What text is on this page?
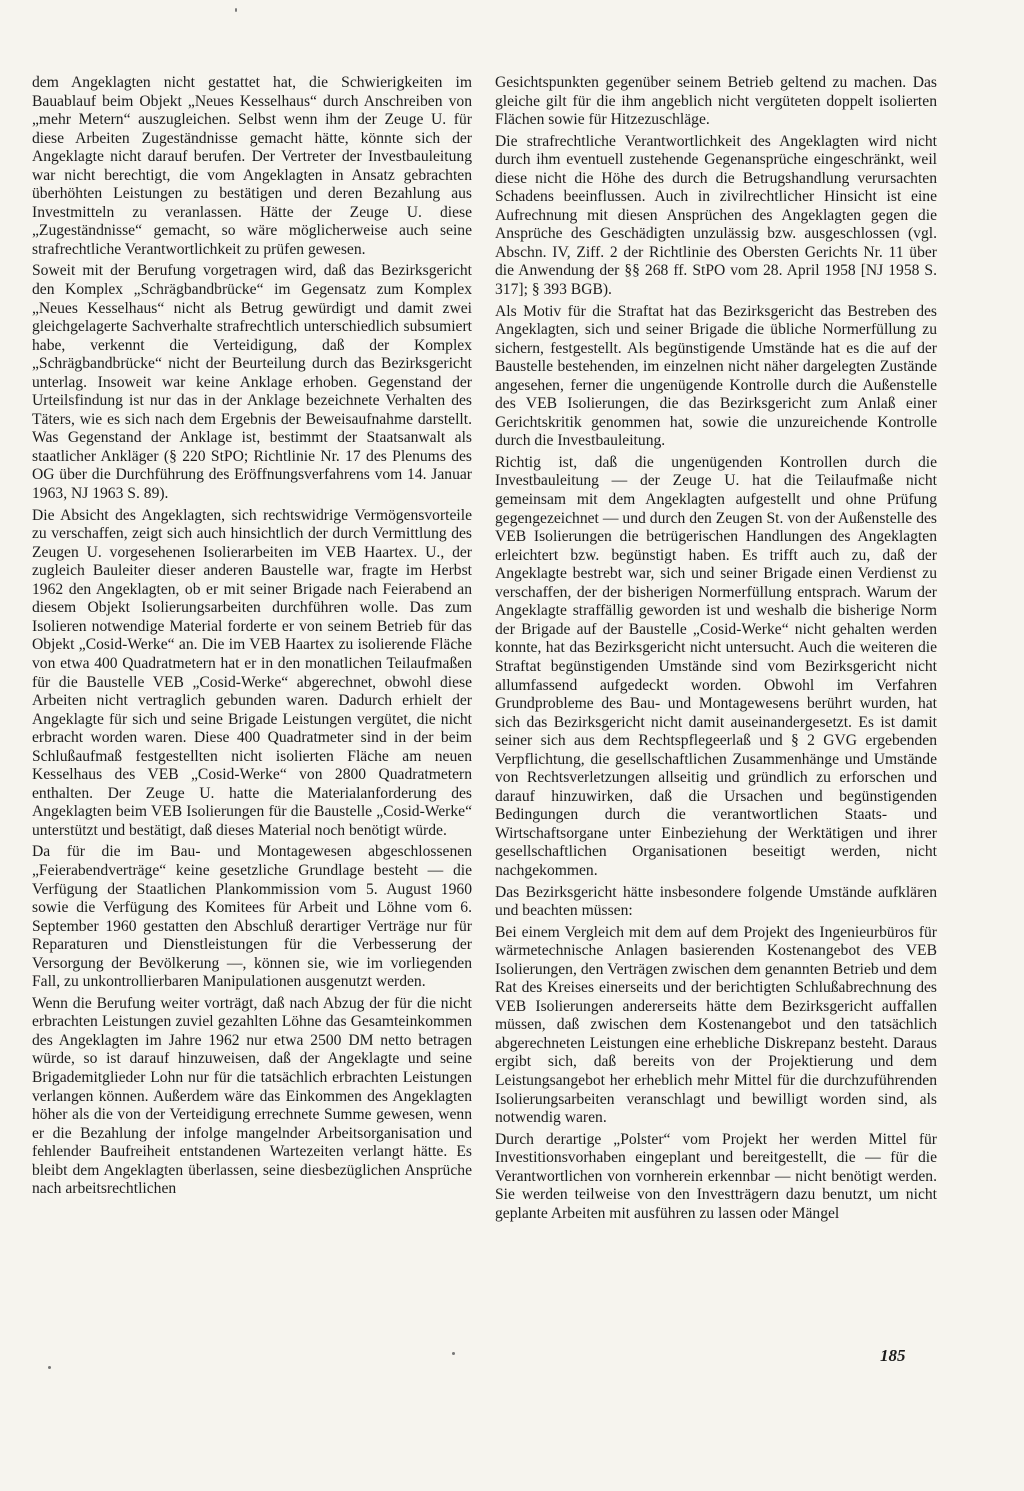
dem Angeklagten nicht gestattet hat, die Schwierigkeiten im Bauablauf beim Objekt „Neues Kesselhaus“ durch Anschreiben von „mehr Metern“ auszugleichen. Selbst wenn ihm der Zeuge U. für diese Arbeiten Zugeständnisse gemacht hätte, könnte sich der Angeklagte nicht darauf berufen. Der Vertreter der Investbauleitung war nicht berechtigt, die vom Angeklagten in Ansatz gebrachten überhöhten Leistungen zu bestätigen und deren Bezahlung aus Investmitteln zu veranlassen. Hätte der Zeuge U. diese „Zugeständnisse“ gemacht, so wäre möglicherweise auch seine strafrechtliche Verantwortlichkeit zu prüfen gewesen.

Soweit mit der Berufung vorgetragen wird, daß das Bezirksgericht den Komplex „Schrägbandbrücke“ im Gegensatz zum Komplex „Neues Kesselhaus“ nicht als Betrug gewürdigt und damit zwei gleichgelagerte Sachverhalte strafrechtlich unterschiedlich subsumiert habe, verkennt die Verteidigung, daß der Komplex „Schrägbandbrücke“ nicht der Beurteilung durch das Bezirksgericht unterlag. Insoweit war keine Anklage erhoben. Gegenstand der Urteilsfindung ist nur das in der Anklage bezeichnete Verhalten des Täters, wie es sich nach dem Ergebnis der Beweisaufnahme darstellt. Was Gegenstand der Anklage ist, bestimmt der Staatsanwalt als staatlicher Ankläger (§ 220 StPO; Richtlinie Nr. 17 des Plenums des OG über die Durchführung des Eröffnungsverfahrens vom 14. Januar 1963, NJ 1963 S. 89).

Die Absicht des Angeklagten, sich rechtswidrige Vermögensvorteile zu verschaffen, zeigt sich auch hinsichtlich der durch Vermittlung des Zeugen U. vorgesehenen Isolierarbeiten im VEB Haartex. U., der zugleich Bauleiter dieser anderen Baustelle war, fragte im Herbst 1962 den Angeklagten, ob er mit seiner Brigade nach Feierabend an diesem Objekt Isolierungsarbeiten durchführen wolle. Das zum Isolieren notwendige Material forderte er von seinem Betrieb für das Objekt „Cosid-Werke“ an. Die im VEB Haartex zu isolierende Fläche von etwa 400 Quadratmetern hat er in den monatlichen Teilaufmaßen für die Baustelle VEB „Cosid-Werke“ abgerechnet, obwohl diese Arbeiten nicht vertraglich gebunden waren. Dadurch erhielt der Angeklagte für sich und seine Brigade Leistungen vergütet, die nicht erbracht worden waren. Diese 400 Quadratmeter sind in der beim Schlußaufmaß festgestellten nicht isolierten Fläche am neuen Kesselhaus des VEB „Cosid-Werke“ von 2800 Quadratmetern enthalten. Der Zeuge U. hatte die Materialanforderung des Angeklagten beim VEB Isolierungen für die Baustelle „Cosid-Werke“ unterstützt und bestätigt, daß dieses Material noch benötigt würde.

Da für die im Bau- und Montagewesen abgeschlossenen „Feierabendverträge“ keine gesetzliche Grundlage besteht — die Verfügung der Staatlichen Plankommission vom 5. August 1960 sowie die Verfügung des Komitees für Arbeit und Löhne vom 6. September 1960 gestatten den Abschluß derartiger Verträge nur für Reparaturen und Dienstleistungen für die Verbesserung der Versorgung der Bevölkerung —, können sie, wie im vorliegenden Fall, zu unkontrollierbaren Manipulationen ausgenutzt werden.

Wenn die Berufung weiter vorträgt, daß nach Abzug der für die nicht erbrachten Leistungen zuviel gezahlten Löhne das Gesamteinkommen des Angeklagten im Jahre 1962 nur etwa 2500 DM netto betragen würde, so ist darauf hinzuweisen, daß der Angeklagte und seine Brigademitglieder Lohn nur für die tatsächlich erbrachten Leistungen verlangen können. Außerdem wäre das Einkommen des Angeklagten höher als die von der Verteidigung errechnete Summe gewesen, wenn er die Bezahlung der infolge mangelnder Arbeitsorganisation und fehlender Baufreiheit entstandenen Wartezeiten verlangt hätte. Es bleibt dem Angeklagten überlassen, seine diesbezüglichen Ansprüche nach arbeitsrechtlichen

Gesichtspunkten gegenüber seinem Betrieb geltend zu machen. Das gleiche gilt für die ihm angeblich nicht vergüteten doppelt isolierten Flächen sowie für Hitzezuschläge.

Die strafrechtliche Verantwortlichkeit des Angeklagten wird nicht durch ihm eventuell zustehende Gegenansprüche eingeschränkt, weil diese nicht die Höhe des durch die Betrugshandlung verursachten Schadens beeinflussen. Auch in zivilrechtlicher Hinsicht ist eine Aufrechnung mit diesen Ansprüchen des Angeklagten gegen die Ansprüche des Geschädigten unzulässig bzw. ausgeschlossen (vgl. Abschn. IV, Ziff. 2 der Richtlinie des Obersten Gerichts Nr. 11 über die Anwendung der §§ 268 ff. StPO vom 28. April 1958 [NJ 1958 S. 317]; § 393 BGB).

Als Motiv für die Straftat hat das Bezirksgericht das Bestreben des Angeklagten, sich und seiner Brigade die übliche Normerfüllung zu sichern, festgestellt. Als begünstigende Umstände hat es die auf der Baustelle bestehenden, im einzelnen nicht näher dargelegten Zustände angesehen, ferner die ungenügende Kontrolle durch die Außenstelle des VEB Isolierungen, die das Bezirksgericht zum Anlaß einer Gerichtskritik genommen hat, sowie die unzureichende Kontrolle durch die Investbauleitung.

Richtig ist, daß die ungenügenden Kontrollen durch die Investbauleitung — der Zeuge U. hat die Teilaufmaße nicht gemeinsam mit dem Angeklagten aufgestellt und ohne Prüfung gegengezeichnet — und durch den Zeugen St. von der Außenstelle des VEB Isolierungen die betrügerischen Handlungen des Angeklagten erleichtert bzw. begünstigt haben. Es trifft auch zu, daß der Angeklagte bestrebt war, sich und seiner Brigade einen Verdienst zu verschaffen, der der bisherigen Normerfüllung entsprach. Warum der Angeklagte straffällig geworden ist und weshalb die bisherige Norm der Brigade auf der Baustelle „Cosid-Werke“ nicht gehalten werden konnte, hat das Bezirksgericht nicht untersucht. Auch die weiteren die Straftat begünstigenden Umstände sind vom Bezirksgericht nicht allumfassend aufgedeckt worden. Obwohl im Verfahren Grundprobleme des Bau- und Montagewesens berührt wurden, hat sich das Bezirksgericht nicht damit auseinandergesetzt. Es ist damit seiner sich aus dem Rechtspflegeerlaß und § 2 GVG ergebenden Verpflichtung, die gesellschaftlichen Zusammenhänge und Umstände von Rechtsverletzungen allseitig und gründlich zu erforschen und darauf hinzuwirken, daß die Ursachen und begünstigenden Bedingungen durch die verantwortlichen Staats- und Wirtschaftsorgane unter Einbeziehung der Werktätigen und ihrer gesellschaftlichen Organisationen beseitigt werden, nicht nachgekommen.

Das Bezirksgericht hätte insbesondere folgende Umstände aufklären und beachten müssen:

Bei einem Vergleich mit dem auf dem Projekt des Ingenieurbüros für wärmetechnische Anlagen basierenden Kostenangebot des VEB Isolierungen, den Verträgen zwischen dem genannten Betrieb und dem Rat des Kreises einerseits und der berichtigten Schlußabrechnung des VEB Isolierungen andererseits hätte dem Bezirksgericht auffallen müssen, daß zwischen dem Kostenangebot und den tatsächlich abgerechneten Leistungen eine erhebliche Diskrepanz besteht. Daraus ergibt sich, daß bereits von der Projektierung und dem Leistungsangebot her erheblich mehr Mittel für die durchzuführenden Isolierungsarbeiten veranschlagt und bewilligt worden sind, als notwendig waren.

Durch derartige „Polster“ vom Projekt her werden Mittel für Investitionsvorhaben eingeplant und bereitgestellt, die — für die Verantwortlichen von vornherein erkennbar — nicht benötigt werden. Sie werden teilweise von den Investträgern dazu benutzt, um nicht geplante Arbeiten mit ausführen zu lassen oder Mängel

185
